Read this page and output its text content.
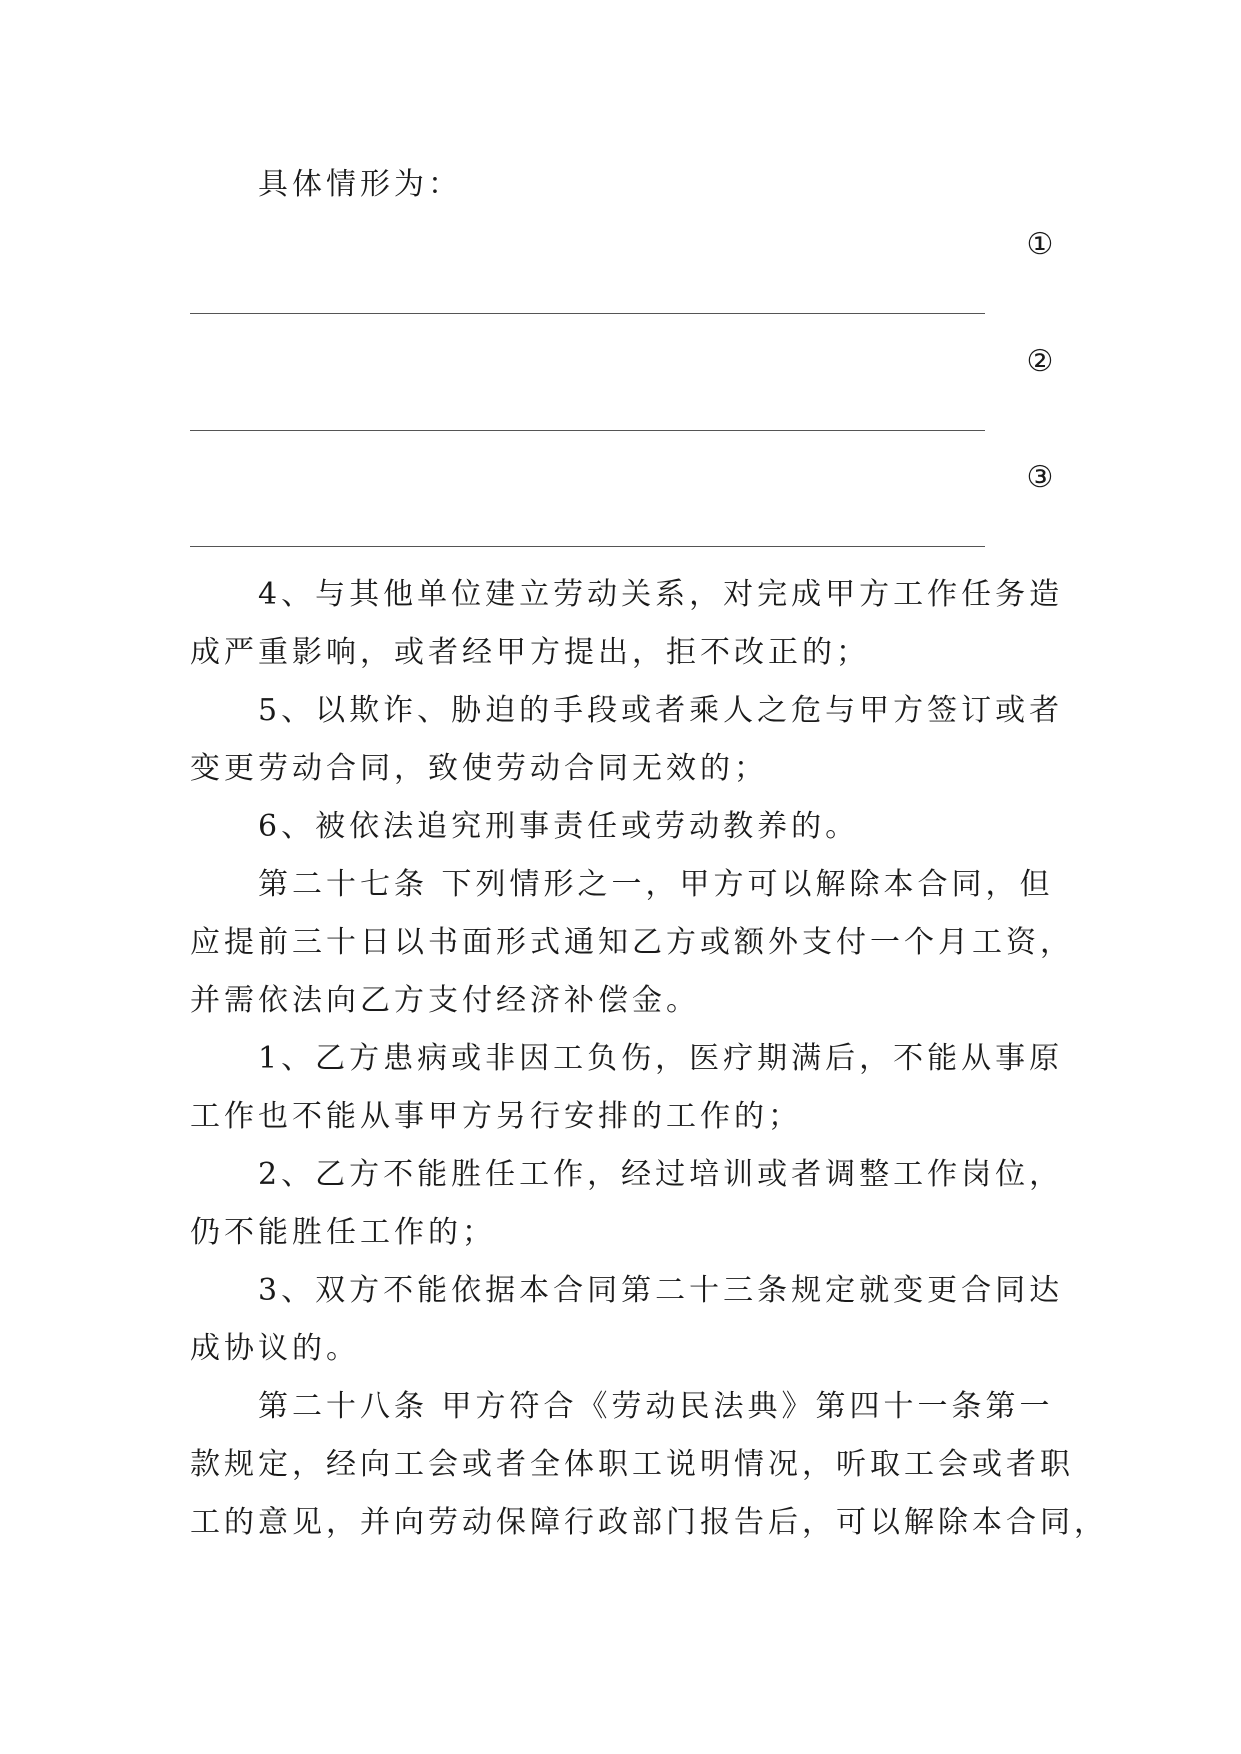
具体情形为：
①
②
③
4、与其他单位建立劳动关系，对完成甲方工作任务造
成严重影响，或者经甲方提出，拒不改正的；
5、以欺诈、胁迫的手段或者乘人之危与甲方签订或者
变更劳动合同，致使劳动合同无效的；
6、被依法追究刑事责任或劳动教养的。
第二十七条 下列情形之一，甲方可以解除本合同，但
应提前三十日以书面形式通知乙方或额外支付一个月工资，
并需依法向乙方支付经济补偿金。
1、乙方患病或非因工负伤，医疗期满后，不能从事原
工作也不能从事甲方另行安排的工作的；
2、乙方不能胜任工作，经过培训或者调整工作岗位，
仍不能胜任工作的；
3、双方不能依据本合同第二十三条规定就变更合同达
成协议的。
第二十八条 甲方符合《劳动民法典》第四十一条第一
款规定，经向工会或者全体职工说明情况，听取工会或者职
工的意见，并向劳动保障行政部门报告后，可以解除本合同，
